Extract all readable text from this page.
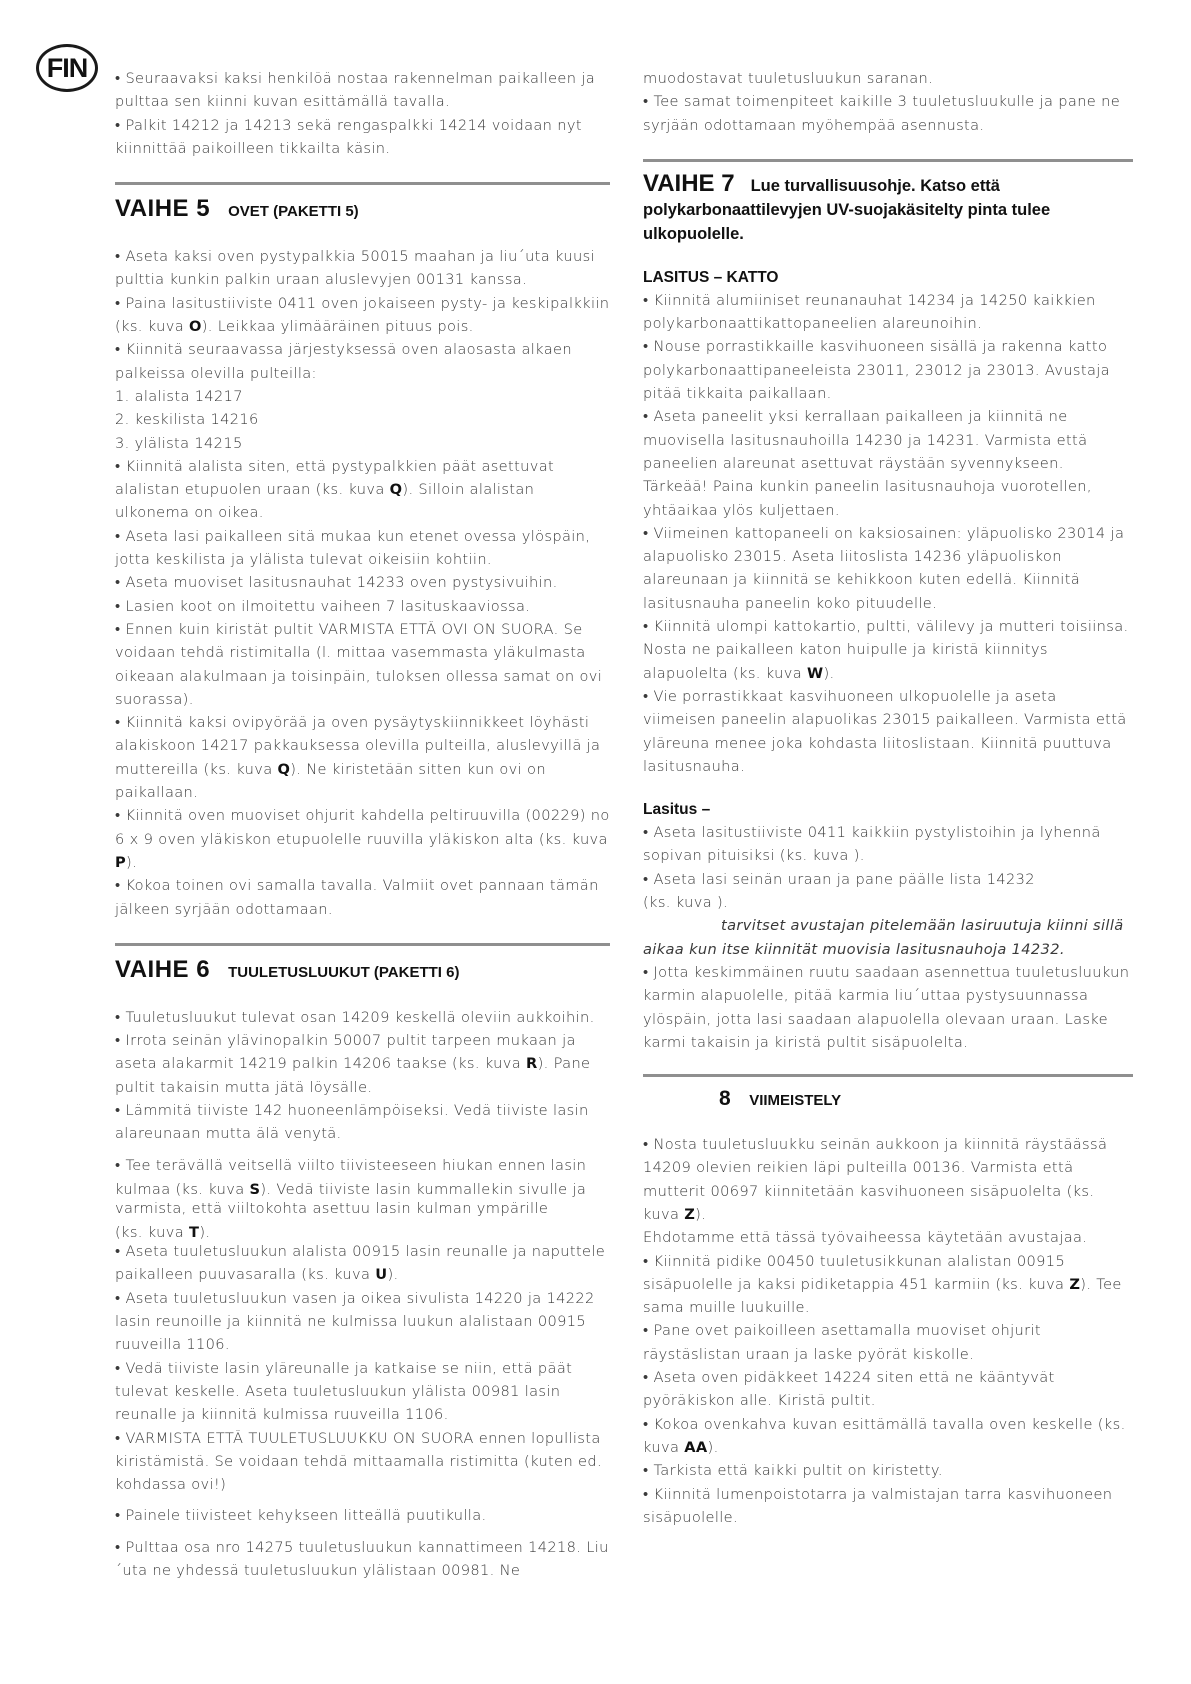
FIN	• Seuraavaksi kaksi henkilöä nostaa rakennelman paikalleen ja pulttaa sen kiinni kuvan esittämällä tavalla.

• Palkit 14212 ja 14213 sekä rengaspalkki 14214 voidaan nyt kiinnittää paikoilleen tikkailta käsin.

VAIHE 5 OVET (PAKETTI 5)

• Aseta kaksi oven pystypalkkia 50015 maahan ja liu´uta kuusi pulttia kunkin palkin uraan aluslevyjen 00131 kanssa.

• Paina lasitustiiviste 0411 oven jokaiseen pysty- ja keskipalkkiin (ks. kuva O). Leikkaa ylimääräinen pituus pois.

• Kiinnitä seuraavassa järjestyksessä oven alaosasta alkaen palkeissa olevilla pulteilla:

1. alalista 14217

2. keskilista 14216

3. ylälista 14215

• Kiinnitä alalista siten, että pystypalkkien päät asettuvat alalistan etupuolen uraan (ks. kuva Q). Silloin alalistan ulkonema on oikea.

• Aseta lasi paikalleen sitä mukaa kun etenet ovessa ylöspäin, jotta keskilista ja ylälista tulevat oikeisiin kohtiin.

• Aseta muoviset lasitusnauhat 14233 oven pystysivuihin.

• Lasien koot on ilmoitettu vaiheen 7 lasituskaaviossa.

• Ennen kuin kiristät pultit VARMISTA ETTÄ OVI ON SUORA. Se voidaan tehdä ristimitalla (l. mittaa vasemmasta yläkulmasta oikeaan alakulmaan ja toisinpäin, tuloksen ollessa samat on ovi suorassa).

• Kiinnitä kaksi ovipyörää ja oven pysäytyskiinnikkeet löyhästi alakiskoon 14217 pakkauksessa olevilla pulteilla, aluslevyillä ja muttereilla (ks. kuva Q). Ne kiristetään sitten kun ovi on paikallaan.

• Kiinnitä oven muoviset ohjurit kahdella peltiruuvilla (00229) no 6 x 9 oven yläkiskon etupuolelle ruuvilla yläkiskon alta (ks. kuva P).

• Kokoa toinen ovi samalla tavalla. Valmiit ovet pannaan tämän jälkeen syrjään odottamaan.

VAIHE 6 TUULETUSLUUKUT (PAKETTI 6)

• Tuuletusluukut tulevat osan 14209 keskellä oleviin aukkoihin.

• Irrota seinän ylävinopalkin 50007 pultit tarpeen mukaan ja aseta alakarmit 14219 palkin 14206 taakse (ks. kuva R). Pane pultit takaisin mutta jätä löysälle.

• Lämmitä tiiviste 142 huoneenlämpöiseksi. Vedä tiiviste lasin alareunaan mutta älä venytä.

• Tee terävällä veitsellä viilto tiivisteeseen hiukan ennen lasin

kulmaa (ks. kuva S). Vedä tiiviste lasin kummallekin sivulle ja

varmista, että viiltokohta asettuu lasin kulman ympärille

(ks. kuva T).

• Aseta tuuletusluukun alalista 00915 lasin reunalle ja naputtele paikalleen puuvasaralla (ks. kuva U).

• Aseta tuuletusluukun vasen ja oikea sivulista 14220 ja 14222 lasin reunoille ja kiinnitä ne kulmissa luukun alalistaan 00915 ruuveilla 1106.

• Vedä tiiviste lasin yläreunalle ja katkaise se niin, että päät tulevat keskelle. Aseta tuuletusluukun ylälista 00981 lasin reunalle ja kiinnitä kulmissa ruuveilla 1106.

• VARMISTA ETTÄ TUULETUSLUUKKU ON SUORA ennen lopullista kiristämistä. Se voidaan tehdä mittaamalla ristimitta (kuten ed. kohdassa ovi!)

• Painele tiivisteet kehykseen litteällä puutikulla.

• Pulttaa osa nro 14275 tuuletusluukun kannattimeen 14218. Liu´uta ne yhdessä tuuletusluukun ylälistaan 00981. Ne

muodostavat tuuletusluukun saranan.

• Tee samat toimenpiteet kaikille 3 tuuletusluukulle ja pane ne syrjään odottamaan myöhempää asennusta.

VAIHE 7 Lue turvallisuusohje. Katso että polykarbonaattilevyjen UV-suojakäsitelty pinta tulee ulkopuolelle.

LASITUS – KATTO

• Kiinnitä alumiiniset reunanauhat 14234 ja 14250 kaikkien polykarbonaattikattopaneelien alareunoihin.

• Nouse porrastikkaille kasvihuoneen sisällä ja rakenna katto polykarbonaattipaneeleista 23011, 23012 ja 23013. Avustaja pitää tikkaita paikallaan.

• Aseta paneelit yksi kerrallaan paikalleen ja kiinnitä ne muovisella lasitusnauhoilla 14230 ja 14231. Varmista että paneelien alareunat asettuvat räystään syvennykseen. Tärkeää! Paina kunkin paneelin lasitusnauhoja vuorotellen, yhtäaikaa ylös kuljettaen.

• Viimeinen kattopaneeli on kaksiosainen: yläpuolisko 23014 ja alapuolisko 23015. Aseta liitoslista 14236 yläpuoliskon alareunaan ja kiinnitä se kehikkoon kuten edellä. Kiinnitä lasitusnauha paneelin koko pituudelle.

• Kiinnitä ulompi kattokartio, pultti, välilevy ja mutteri toisiinsa. Nosta ne paikalleen katon huipulle ja kiristä kiinnitys alapuolelta (ks. kuva W).

• Vie porrastikkaat kasvihuoneen ulkopuolelle ja aseta viimeisen paneelin alapuolikas 23015 paikalleen. Varmista että yläreuna menee joka kohdasta liitoslistaan. Kiinnitä puuttuva lasitusnauha.

Lasitus –

• Aseta lasitustiiviste 0411 kaikkiin pystylistoihin ja lyhennä sopivan pituisiksi (ks. kuva ).

• Aseta lasi seinän uraan ja pane päälle lista 14232

(ks. kuva ).

tarvitset avustajan pitelemään lasiruutuja kiinni sillä aikaa kun itse kiinnität muovisia lasitusnauhoja 14232.

• Jotta keskimmäinen ruutu saadaan asennettua tuuletusluukun karmin alapuolelle, pitää karmia liu´uttaa pystysuunnassa ylöspäin, jotta lasi saadaan alapuolella olevaan uraan. Laske karmi takaisin ja kiristä pultit sisäpuolelta.

8 VIIMEISTELY

• Nosta tuuletusluukku seinän aukkoon ja kiinnitä räystäässä 14209 olevien reikien läpi pulteilla 00136. Varmista että mutterit 00697 kiinnitetään kasvihuoneen sisäpuolelta (ks. kuva Z).

Ehdotamme että tässä työvaiheessa käytetään avustajaa.

• Kiinnitä pidike 00450 tuuletusikkunan alalistan 00915 sisäpuolelle ja kaksi pidiketappia 451 karmiin (ks. kuva Z). Tee sama muille luukuille.

• Pane ovet paikoilleen asettamalla muoviset ohjurit räystäslistan uraan ja laske pyörät kiskolle.

• Aseta oven pidäkkeet 14224 siten että ne kääntyvät pyöräkiskon alle. Kiristä pultit.

• Kokoa ovenkahva kuvan esittämällä tavalla oven keskelle (ks. kuva AA).

• Tarkista että kaikki pultit on kiristetty.

• Kiinnitä lumenpoistotarra ja valmistajan tarra kasvihuoneen sisäpuolelle.
